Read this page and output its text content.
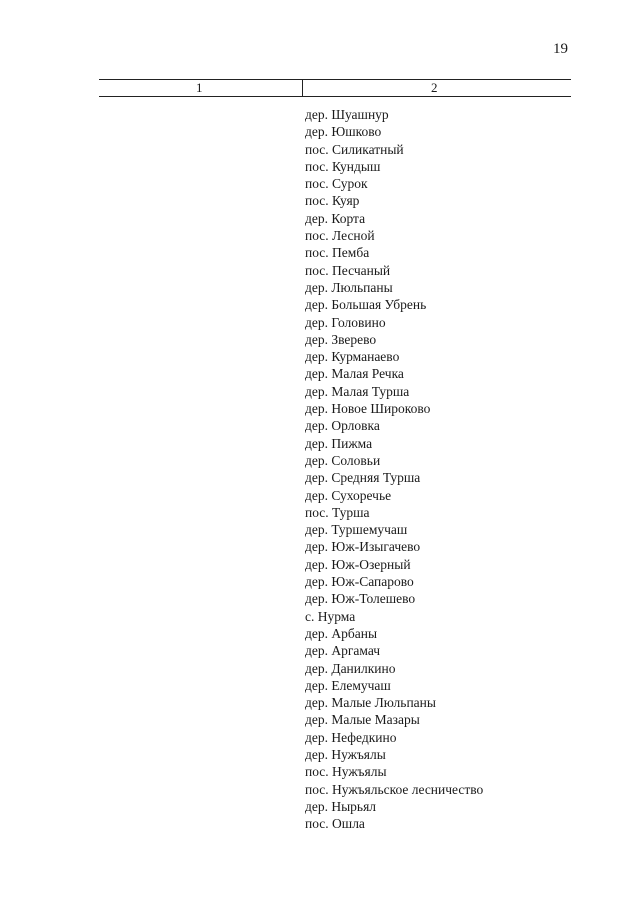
19
1	2
дер. Шуашнур
дер. Юшково
пос. Силикатный
пос. Кундыш
пос. Сурок
пос. Куяр
дер. Корта
пос. Лесной
пос. Пемба
пос. Песчаный
дер. Люльпаны
дер. Большая Убрень
дер. Головино
дер. Зверево
дер. Курманаево
дер. Малая Речка
дер. Малая Турша
дер. Новое Широково
дер. Орловка
дер. Пижма
дер. Соловьи
дер. Средняя Турша
дер. Сухоречье
пос. Турша
дер. Туршемучаш
дер. Юж-Изыгачево
дер. Юж-Озерный
дер. Юж-Сапарово
дер. Юж-Толешево
с. Нурма
дер. Арбаны
дер. Аргамач
дер. Данилкино
дер. Елемучаш
дер. Малые Люльпаны
дер. Малые Мазары
дер. Нефедкино
дер. Нужъялы
пос. Нужъялы
пос. Нужъяльское лесничество
дер. Нырьял
пос. Ошла
